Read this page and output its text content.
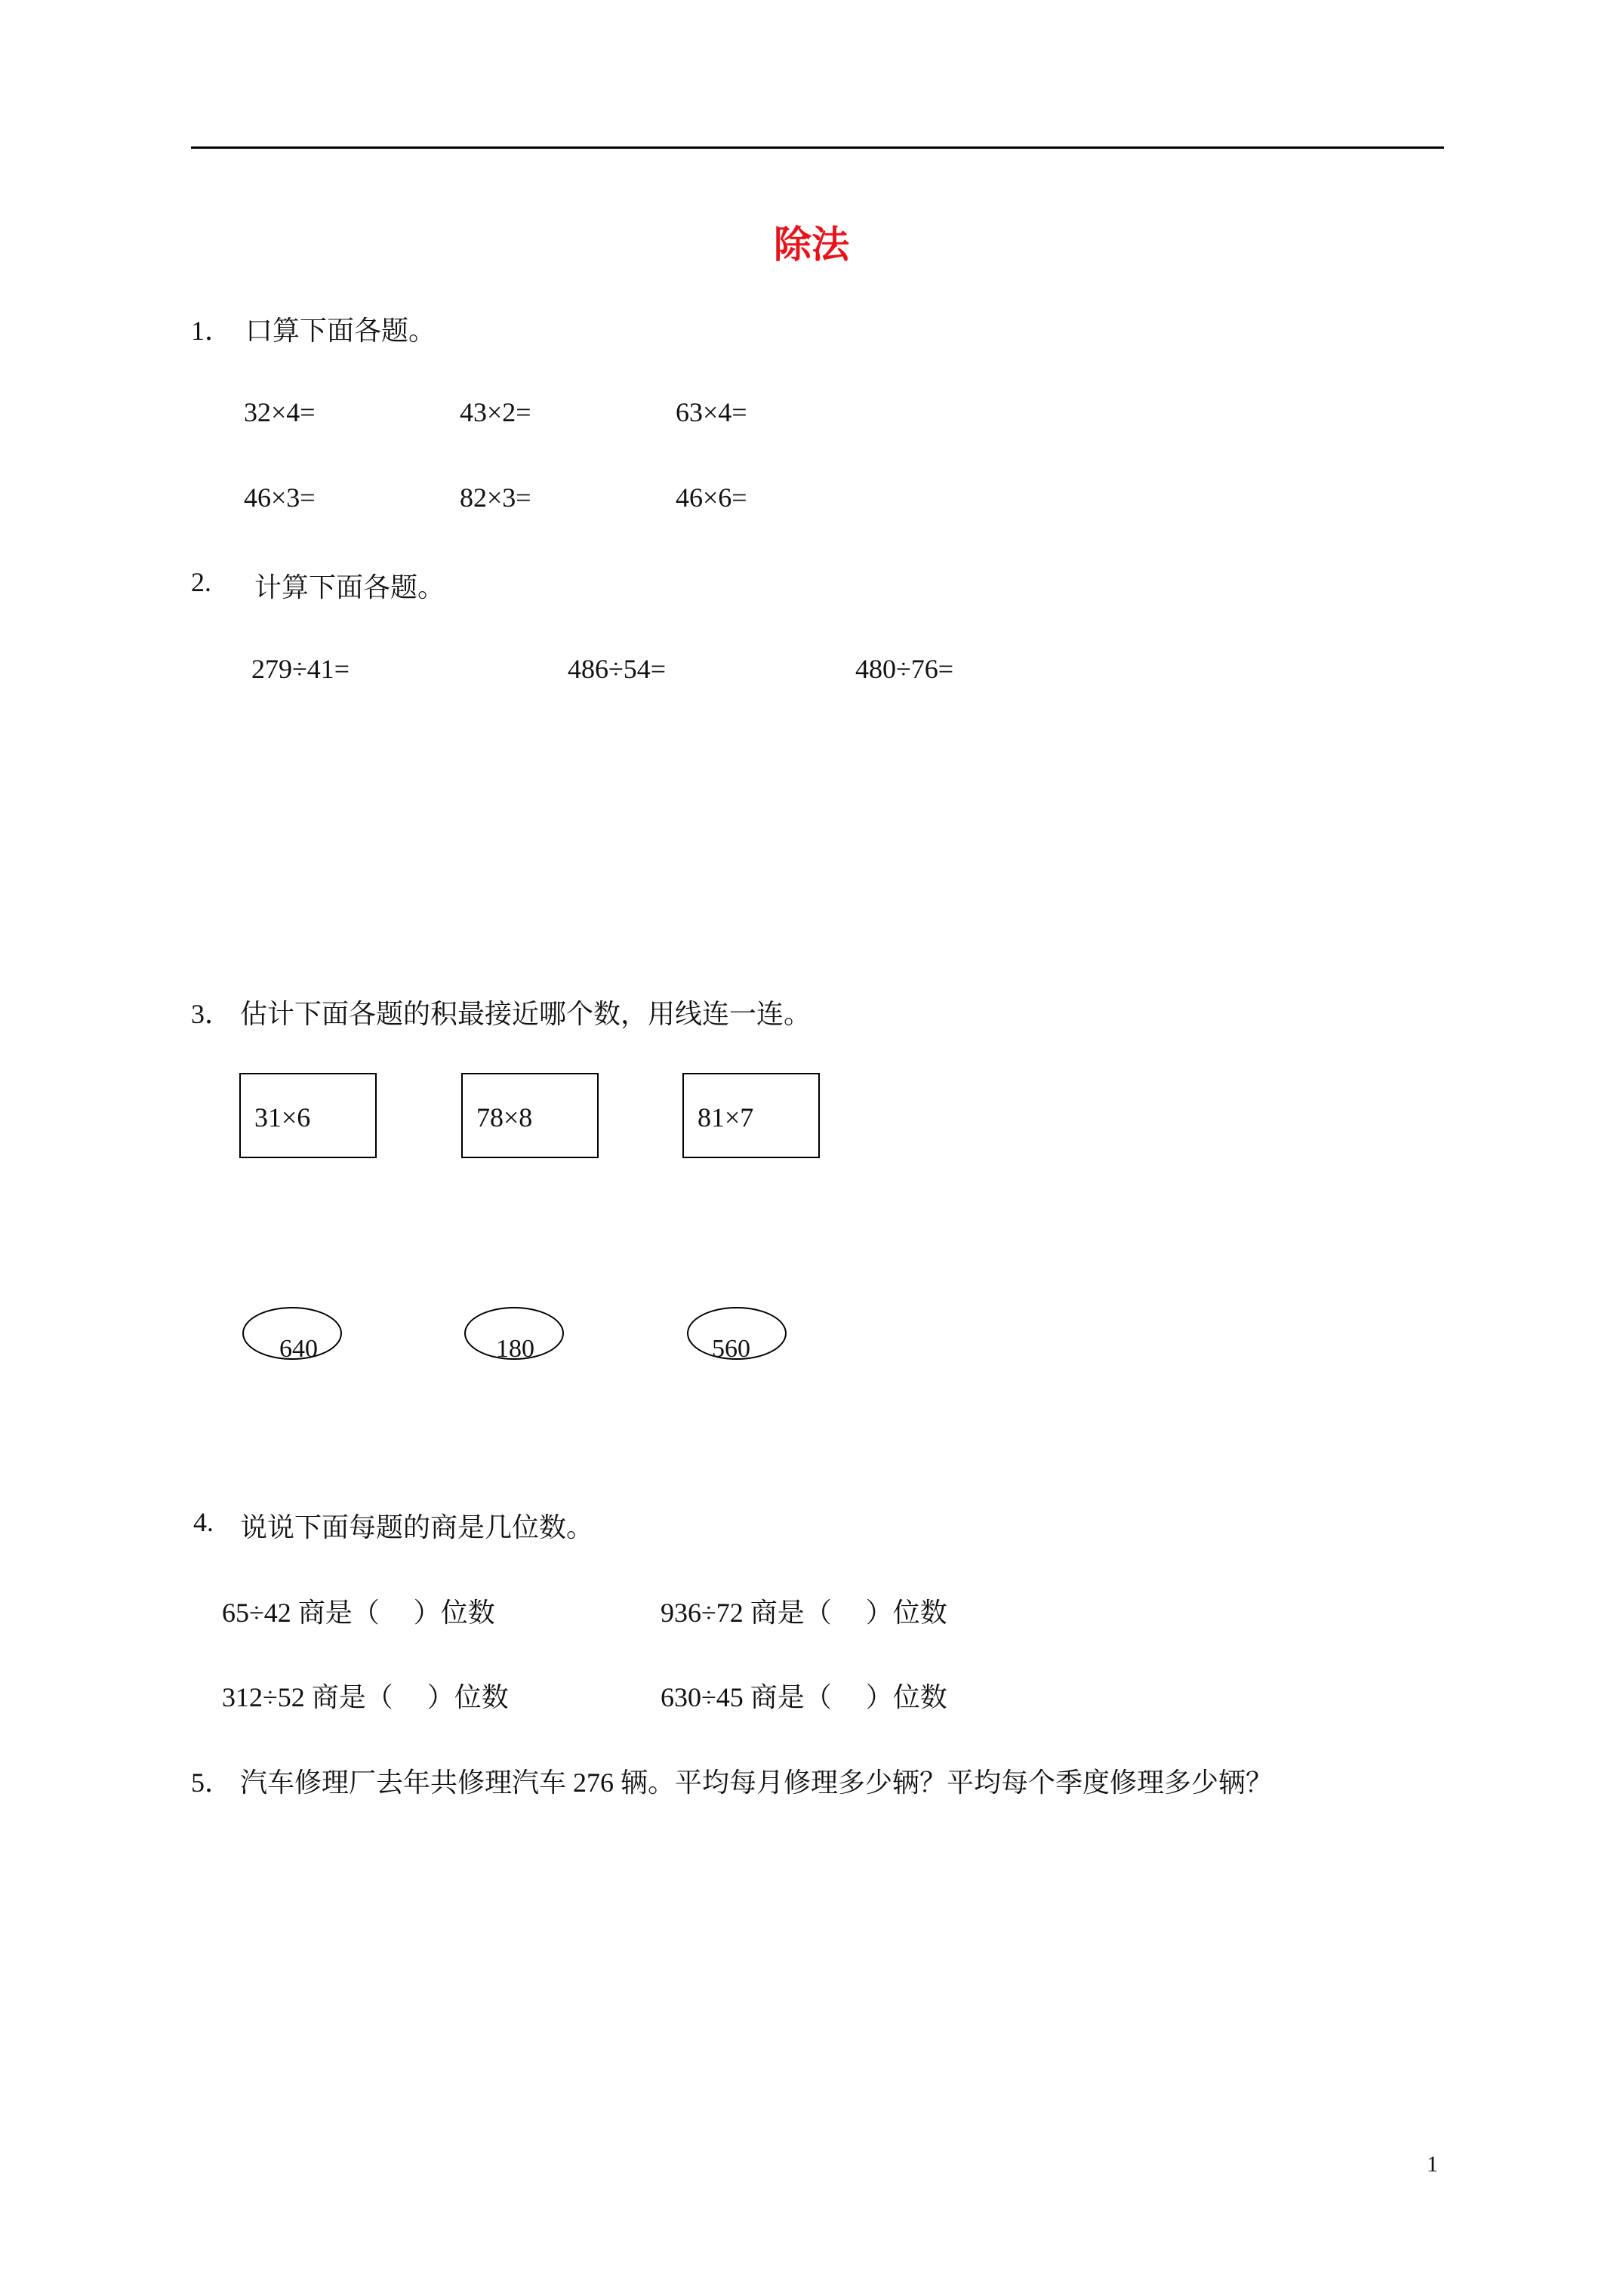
除法
1． 口算下面各题。
32×4=	43×2=	63×4=
46×3=	82×3=	46×6=
2. 计算下面各题。
279÷41=	486÷54=	480÷76=
3． 估计下面各题的积最接近哪个数，用线连一连。
31×6	78×8	81×7
640	180	560
4. 说说下面每题的商是几位数。
65÷42 商是（　 ）位数	936÷72 商是（　 ）位数
312÷52 商是（　 ）位数	630÷45 商是（　 ）位数
5． 汽车修理厂去年共修理汽车 276 辆。平均每月修理多少辆？平均每个季度修理多少辆？
1
